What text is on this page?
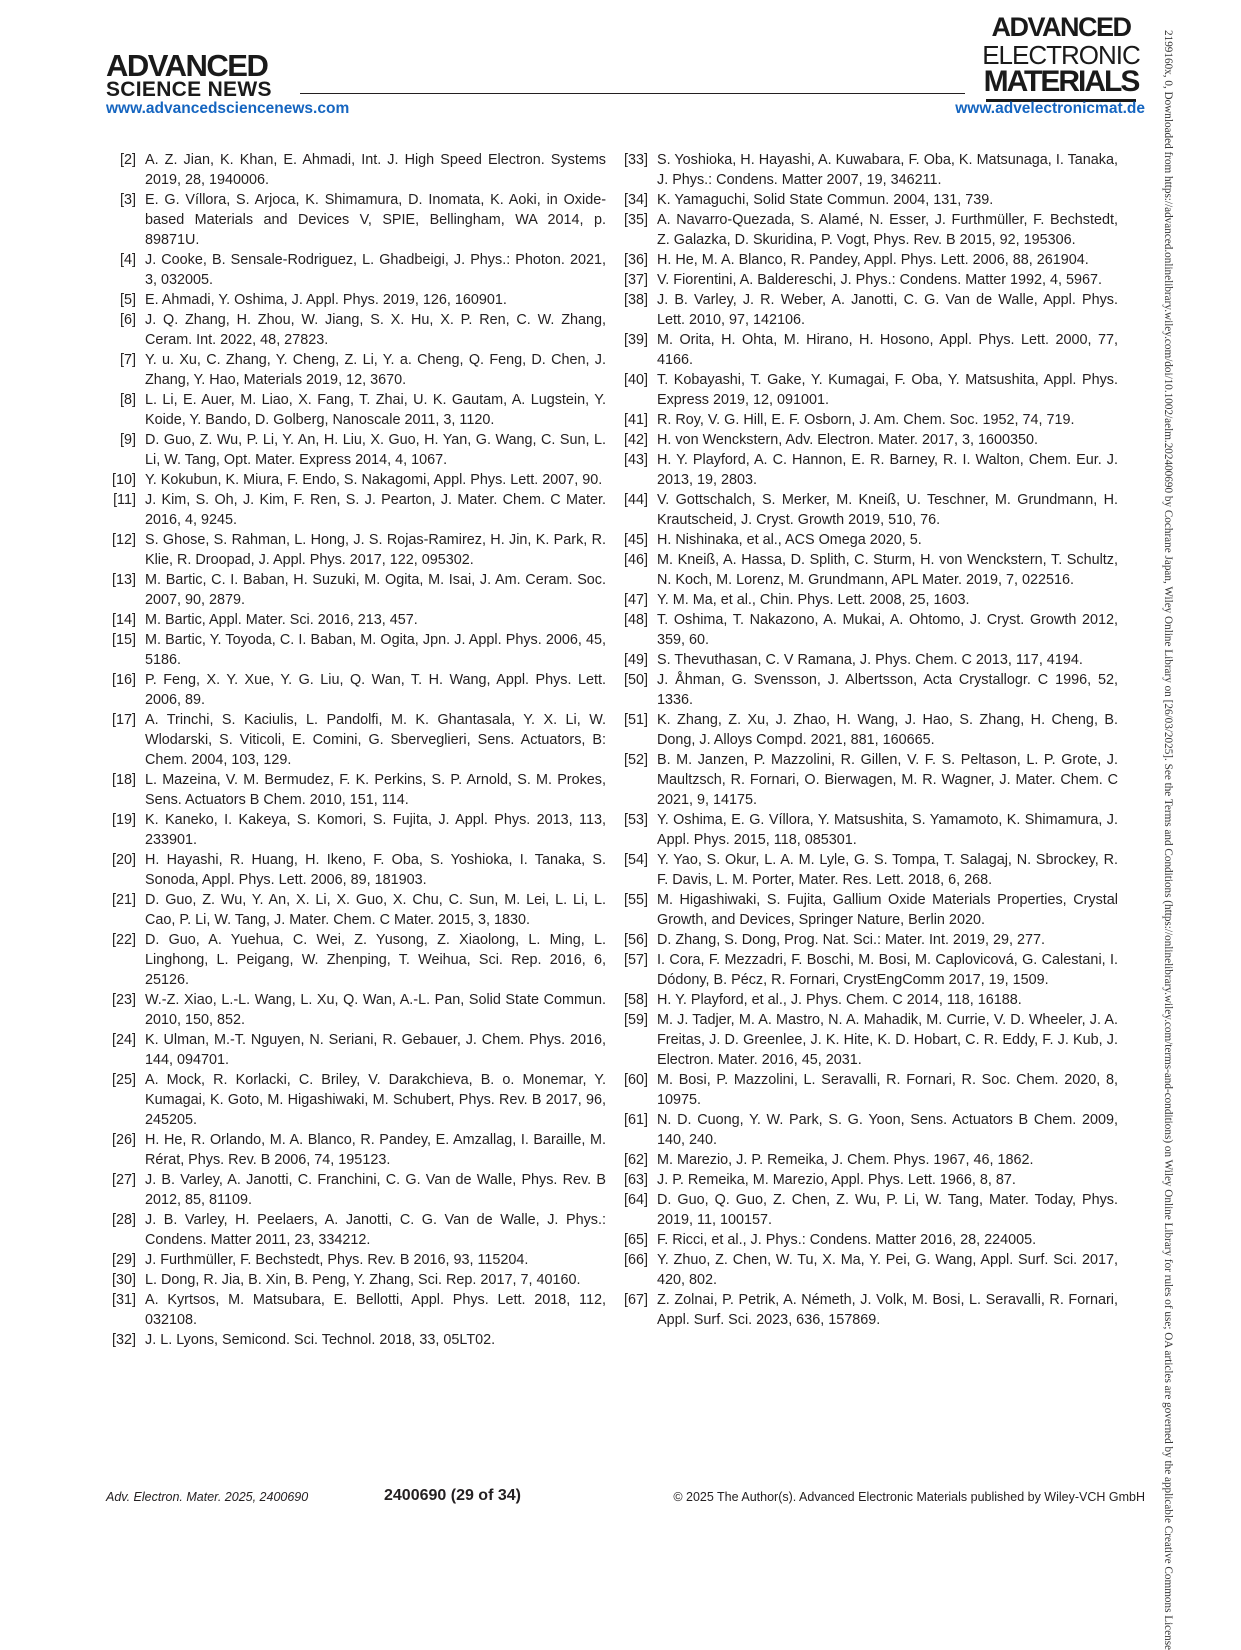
ADVANCED
SCIENCE NEWS
ADVANCED
ELECTRONIC
MATERIALS
www.advancedsciencenews.com	www.advelectronicmat.de
[2] A. Z. Jian, K. Khan, E. Ahmadi, Int. J. High Speed Electron. Systems 2019, 28, 1940006.
[3] E. G. Víllora, S. Arjoca, K. Shimamura, D. Inomata, K. Aoki, in Oxide-based Materials and Devices V, SPIE, Bellingham, WA 2014, p. 89871U.
[4] J. Cooke, B. Sensale-Rodriguez, L. Ghadbeigi, J. Phys.: Photon. 2021, 3, 032005.
[5] E. Ahmadi, Y. Oshima, J. Appl. Phys. 2019, 126, 160901.
[6] J. Q. Zhang, H. Zhou, W. Jiang, S. X. Hu, X. P. Ren, C. W. Zhang, Ceram. Int. 2022, 48, 27823.
[7] Y. u. Xu, C. Zhang, Y. Cheng, Z. Li, Y. a. Cheng, Q. Feng, D. Chen, J. Zhang, Y. Hao, Materials 2019, 12, 3670.
[8] L. Li, E. Auer, M. Liao, X. Fang, T. Zhai, U. K. Gautam, A. Lugstein, Y. Koide, Y. Bando, D. Golberg, Nanoscale 2011, 3, 1120.
[9] D. Guo, Z. Wu, P. Li, Y. An, H. Liu, X. Guo, H. Yan, G. Wang, C. Sun, L. Li, W. Tang, Opt. Mater. Express 2014, 4, 1067.
[10] Y. Kokubun, K. Miura, F. Endo, S. Nakagomi, Appl. Phys. Lett. 2007, 90.
[11] J. Kim, S. Oh, J. Kim, F. Ren, S. J. Pearton, J. Mater. Chem. C Mater. 2016, 4, 9245.
[12] S. Ghose, S. Rahman, L. Hong, J. S. Rojas-Ramirez, H. Jin, K. Park, R. Klie, R. Droopad, J. Appl. Phys. 2017, 122, 095302.
[13] M. Bartic, C. I. Baban, H. Suzuki, M. Ogita, M. Isai, J. Am. Ceram. Soc. 2007, 90, 2879.
[14] M. Bartic, Appl. Mater. Sci. 2016, 213, 457.
[15] M. Bartic, Y. Toyoda, C. I. Baban, M. Ogita, Jpn. J. Appl. Phys. 2006, 45, 5186.
[16] P. Feng, X. Y. Xue, Y. G. Liu, Q. Wan, T. H. Wang, Appl. Phys. Lett. 2006, 89.
[17] A. Trinchi, S. Kaciulis, L. Pandolfi, M. K. Ghantasala, Y. X. Li, W. Wlodarski, S. Viticoli, E. Comini, G. Sberveglieri, Sens. Actuators, B: Chem. 2004, 103, 129.
[18] L. Mazeina, V. M. Bermudez, F. K. Perkins, S. P. Arnold, S. M. Prokes, Sens. Actuators B Chem. 2010, 151, 114.
[19] K. Kaneko, I. Kakeya, S. Komori, S. Fujita, J. Appl. Phys. 2013, 113, 233901.
[20] H. Hayashi, R. Huang, H. Ikeno, F. Oba, S. Yoshioka, I. Tanaka, S. Sonoda, Appl. Phys. Lett. 2006, 89, 181903.
[21] D. Guo, Z. Wu, Y. An, X. Li, X. Guo, X. Chu, C. Sun, M. Lei, L. Li, L. Cao, P. Li, W. Tang, J. Mater. Chem. C Mater. 2015, 3, 1830.
[22] D. Guo, A. Yuehua, C. Wei, Z. Yusong, Z. Xiaolong, L. Ming, L. Linghong, L. Peigang, W. Zhenping, T. Weihua, Sci. Rep. 2016, 6, 25126.
[23] W.-Z. Xiao, L.-L. Wang, L. Xu, Q. Wan, A.-L. Pan, Solid State Commun. 2010, 150, 852.
[24] K. Ulman, M.-T. Nguyen, N. Seriani, R. Gebauer, J. Chem. Phys. 2016, 144, 094701.
[25] A. Mock, R. Korlacki, C. Briley, V. Darakchieva, B. o. Monemar, Y. Kumagai, K. Goto, M. Higashiwaki, M. Schubert, Phys. Rev. B 2017, 96, 245205.
[26] H. He, R. Orlando, M. A. Blanco, R. Pandey, E. Amzallag, I. Baraille, M. Rérat, Phys. Rev. B 2006, 74, 195123.
[27] J. B. Varley, A. Janotti, C. Franchini, C. G. Van de Walle, Phys. Rev. B 2012, 85, 81109.
[28] J. B. Varley, H. Peelaers, A. Janotti, C. G. Van de Walle, J. Phys.: Condens. Matter 2011, 23, 334212.
[29] J. Furthmüller, F. Bechstedt, Phys. Rev. B 2016, 93, 115204.
[30] L. Dong, R. Jia, B. Xin, B. Peng, Y. Zhang, Sci. Rep. 2017, 7, 40160.
[31] A. Kyrtsos, M. Matsubara, E. Bellotti, Appl. Phys. Lett. 2018, 112, 032108.
[32] J. L. Lyons, Semicond. Sci. Technol. 2018, 33, 05LT02.
[33] S. Yoshioka, H. Hayashi, A. Kuwabara, F. Oba, K. Matsunaga, I. Tanaka, J. Phys.: Condens. Matter 2007, 19, 346211.
[34] K. Yamaguchi, Solid State Commun. 2004, 131, 739.
[35] A. Navarro-Quezada, S. Alamé, N. Esser, J. Furthmüller, F. Bechstedt, Z. Galazka, D. Skuridina, P. Vogt, Phys. Rev. B 2015, 92, 195306.
[36] H. He, M. A. Blanco, R. Pandey, Appl. Phys. Lett. 2006, 88, 261904.
[37] V. Fiorentini, A. Baldereschi, J. Phys.: Condens. Matter 1992, 4, 5967.
[38] J. B. Varley, J. R. Weber, A. Janotti, C. G. Van de Walle, Appl. Phys. Lett. 2010, 97, 142106.
[39] M. Orita, H. Ohta, M. Hirano, H. Hosono, Appl. Phys. Lett. 2000, 77, 4166.
[40] T. Kobayashi, T. Gake, Y. Kumagai, F. Oba, Y. Matsushita, Appl. Phys. Express 2019, 12, 091001.
[41] R. Roy, V. G. Hill, E. F. Osborn, J. Am. Chem. Soc. 1952, 74, 719.
[42] H. von Wenckstern, Adv. Electron. Mater. 2017, 3, 1600350.
[43] H. Y. Playford, A. C. Hannon, E. R. Barney, R. I. Walton, Chem. Eur. J. 2013, 19, 2803.
[44] V. Gottschalch, S. Merker, M. Kneiß, U. Teschner, M. Grundmann, H. Krautscheid, J. Cryst. Growth 2019, 510, 76.
[45] H. Nishinaka, et al., ACS Omega 2020, 5.
[46] M. Kneiß, A. Hassa, D. Splith, C. Sturm, H. von Wenckstern, T. Schultz, N. Koch, M. Lorenz, M. Grundmann, APL Mater. 2019, 7, 022516.
[47] Y. M. Ma, et al., Chin. Phys. Lett. 2008, 25, 1603.
[48] T. Oshima, T. Nakazono, A. Mukai, A. Ohtomo, J. Cryst. Growth 2012, 359, 60.
[49] S. Thevuthasan, C. V Ramana, J. Phys. Chem. C 2013, 117, 4194.
[50] J. Åhman, G. Svensson, J. Albertsson, Acta Crystallogr. C 1996, 52, 1336.
[51] K. Zhang, Z. Xu, J. Zhao, H. Wang, J. Hao, S. Zhang, H. Cheng, B. Dong, J. Alloys Compd. 2021, 881, 160665.
[52] B. M. Janzen, P. Mazzolini, R. Gillen, V. F. S. Peltason, L. P. Grote, J. Maultzsch, R. Fornari, O. Bierwagen, M. R. Wagner, J. Mater. Chem. C 2021, 9, 14175.
[53] Y. Oshima, E. G. Víllora, Y. Matsushita, S. Yamamoto, K. Shimamura, J. Appl. Phys. 2015, 118, 085301.
[54] Y. Yao, S. Okur, L. A. M. Lyle, G. S. Tompa, T. Salagaj, N. Sbrockey, R. F. Davis, L. M. Porter, Mater. Res. Lett. 2018, 6, 268.
[55] M. Higashiwaki, S. Fujita, Gallium Oxide Materials Properties, Crystal Growth, and Devices, Springer Nature, Berlin 2020.
[56] D. Zhang, S. Dong, Prog. Nat. Sci.: Mater. Int. 2019, 29, 277.
[57] I. Cora, F. Mezzadri, F. Boschi, M. Bosi, M. Caplovicová, G. Calestani, I. Dódony, B. Pécz, R. Fornari, CrystEngComm 2017, 19, 1509.
[58] H. Y. Playford, et al., J. Phys. Chem. C 2014, 118, 16188.
[59] M. J. Tadjer, M. A. Mastro, N. A. Mahadik, M. Currie, V. D. Wheeler, J. A. Freitas, J. D. Greenlee, J. K. Hite, K. D. Hobart, C. R. Eddy, F. J. Kub, J. Electron. Mater. 2016, 45, 2031.
[60] M. Bosi, P. Mazzolini, L. Seravalli, R. Fornari, R. Soc. Chem. 2020, 8, 10975.
[61] N. D. Cuong, Y. W. Park, S. G. Yoon, Sens. Actuators B Chem. 2009, 140, 240.
[62] M. Marezio, J. P. Remeika, J. Chem. Phys. 1967, 46, 1862.
[63] J. P. Remeika, M. Marezio, Appl. Phys. Lett. 1966, 8, 87.
[64] D. Guo, Q. Guo, Z. Chen, Z. Wu, P. Li, W. Tang, Mater. Today, Phys. 2019, 11, 100157.
[65] F. Ricci, et al., J. Phys.: Condens. Matter 2016, 28, 224005.
[66] Y. Zhuo, Z. Chen, W. Tu, X. Ma, Y. Pei, G. Wang, Appl. Surf. Sci. 2017, 420, 802.
[67] Z. Zolnai, P. Petrik, A. Németh, J. Volk, M. Bosi, L. Seravalli, R. Fornari, Appl. Surf. Sci. 2023, 636, 157869.
Adv. Electron. Mater. 2025, 2400690	2400690 (29 of 34)	© 2025 The Author(s). Advanced Electronic Materials published by Wiley-VCH GmbH	2199160x, 0, Downloaded from https://advanced.onlinelibrary.wiley.com/doi/10.1002/aelm.202400690 by Cochrane Japan, Wiley Online Library on [26/03/2025]. See the Terms and Conditions (https://onlinelibrary.wiley.com/terms-and-conditions) on Wiley Online Library for rules of use; OA articles are governed by the applicable Creative Commons License
